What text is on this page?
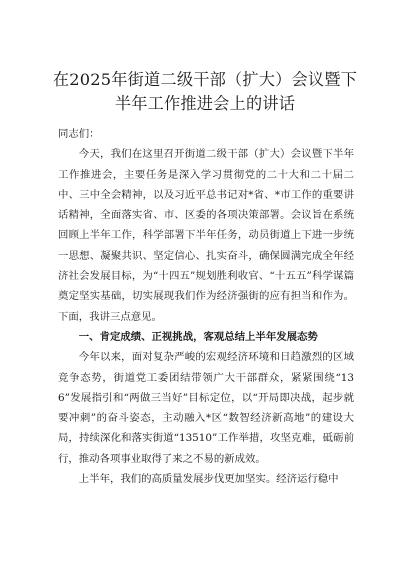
在2025年街道二级干部（扩大）会议暨下半年工作推进会上的讲话

同志们：

今天，我们在这里召开街道二级干部（扩大）会议暨下半年工作推进会，主要任务是深入学习贯彻党的二十大和二十届二中、三中全会精神，以及习近平总书记对*省、*市工作的重要讲话精神，全面落实省、市、区委的各项决策部署。会议旨在系统回顾上半年工作，科学部署下半年任务，动员街道上下进一步统一思想、凝聚共识、坚定信心、扎实奋斗，确保圆满完成全年经济社会发展目标，为“十四五”规划胜利收官、“十五五”科学谋篇奠定坚实基础，切实展现我们作为经济强街的应有担当和作为。下面，我讲三点意见。

一、肯定成绩、正视挑战，客观总结上半年发展态势

今年以来，面对复杂严峻的宏观经济环境和日趋激烈的区域竞争态势，街道党工委团结带领广大干部群众，紧紧围绕“136”发展指引和“两做三当好”目标定位，以“开局即决战，起步就要冲刺”的奋斗姿态，主动融入*区“数智经济新高地”的建设大局，持续深化和落实街道“13510”工作举措，攻坚克难，砥砺前行，推动各项事业取得了来之不易的新成效。

上半年，我们的高质量发展步伐更加坚实。经济运行稳中
